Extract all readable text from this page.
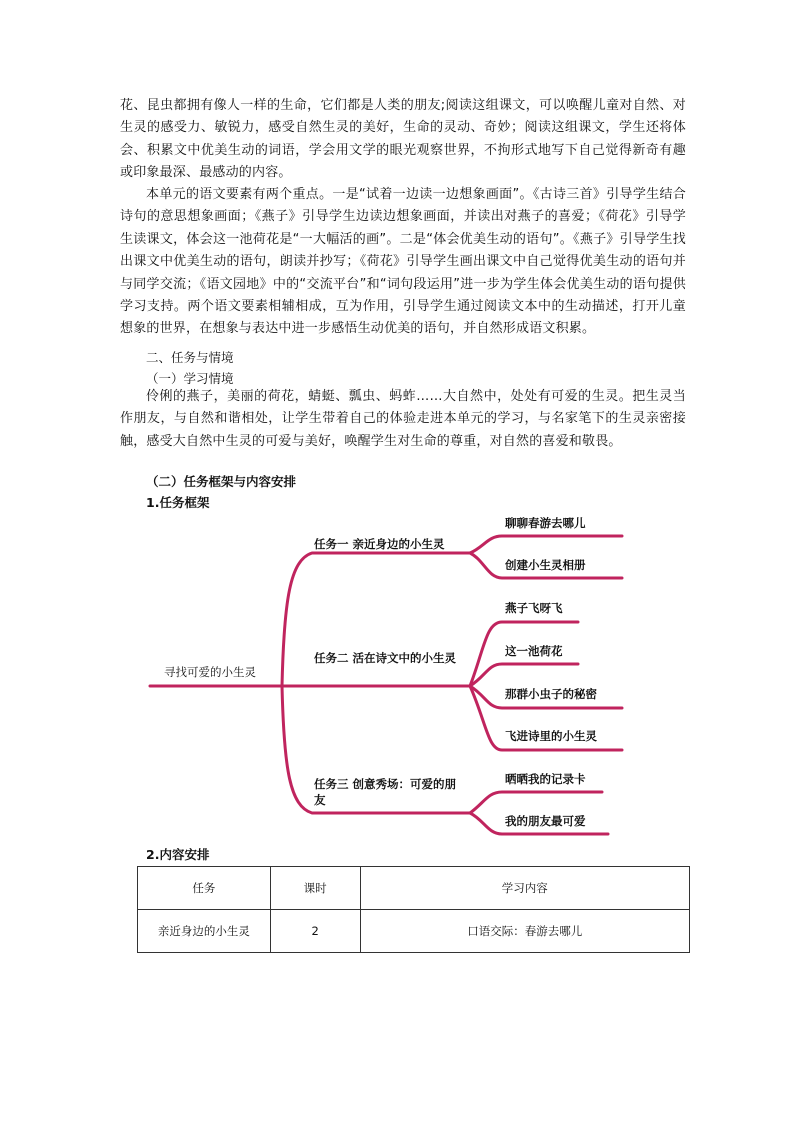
花、昆虫都拥有像人一样的生命，它们都是人类的朋友;阅读这组课文，可以唤醒儿童对自然、对生灵的感受力、敏锐力，感受自然生灵的美好，生命的灵动、奇妙；阅读这组课文，学生还将体会、积累文中优美生动的词语，学会用文学的眼光观察世界，不拘形式地写下自己觉得新奇有趣或印象最深、最感动的内容。

本单元的语文要素有两个重点。一是“试着一边读一边想象画面”。《古诗三首》引导学生结合诗句的意思想象画面；《燕子》引导学生边读边想象画面，并读出对燕子的喜爱；《荷花》引导学生读课文，体会这一池荷花是“一大幅活的画”。二是“体会优美生动的语句”。《燕子》引导学生找出课文中优美生动的语句，朗读并抄写；《荷花》引导学生画出课文中自己觉得优美生动的语句并与同学交流；《语文园地》中的“交流平台”和“词句段运用”进一步为学生体会优美生动的语句提供学习支持。两个语文要素相辅相成，互为作用，引导学生通过阅读文本中的生动描述，打开儿童想象的世界，在想象与表达中进一步感悟生动优美的语句，并自然形成语文积累。

二、任务与情境

（一）学习情境

伶俐的燕子，美丽的荷花，蜻蜓、瓢虫、蚂蚱……大自然中，处处有可爱的生灵。把生灵当作朋友，与自然和谐相处，让学生带着自己的体验走进本单元的学习，与名家笔下的生灵亲密接触，感受大自然中生灵的可爱与美好，唤醒学生对生命的尊重，对自然的喜爱和敬畏。

（二）任务框架与内容安排

1.任务框架

寻找可爱的小生灵

任务一 亲近身边的小生灵

任务二 活在诗文中的小生灵

任务三 创意秀场：可爱的朋友

聊聊春游去哪儿

创建小生灵相册

燕子飞呀飞

这一池荷花

那群小虫子的秘密

飞进诗里的小生灵

晒晒我的记录卡

我的朋友最可爱

2.内容安排

任务	课时	学习内容
亲近身边的小生灵	2	口语交际：春游去哪儿
